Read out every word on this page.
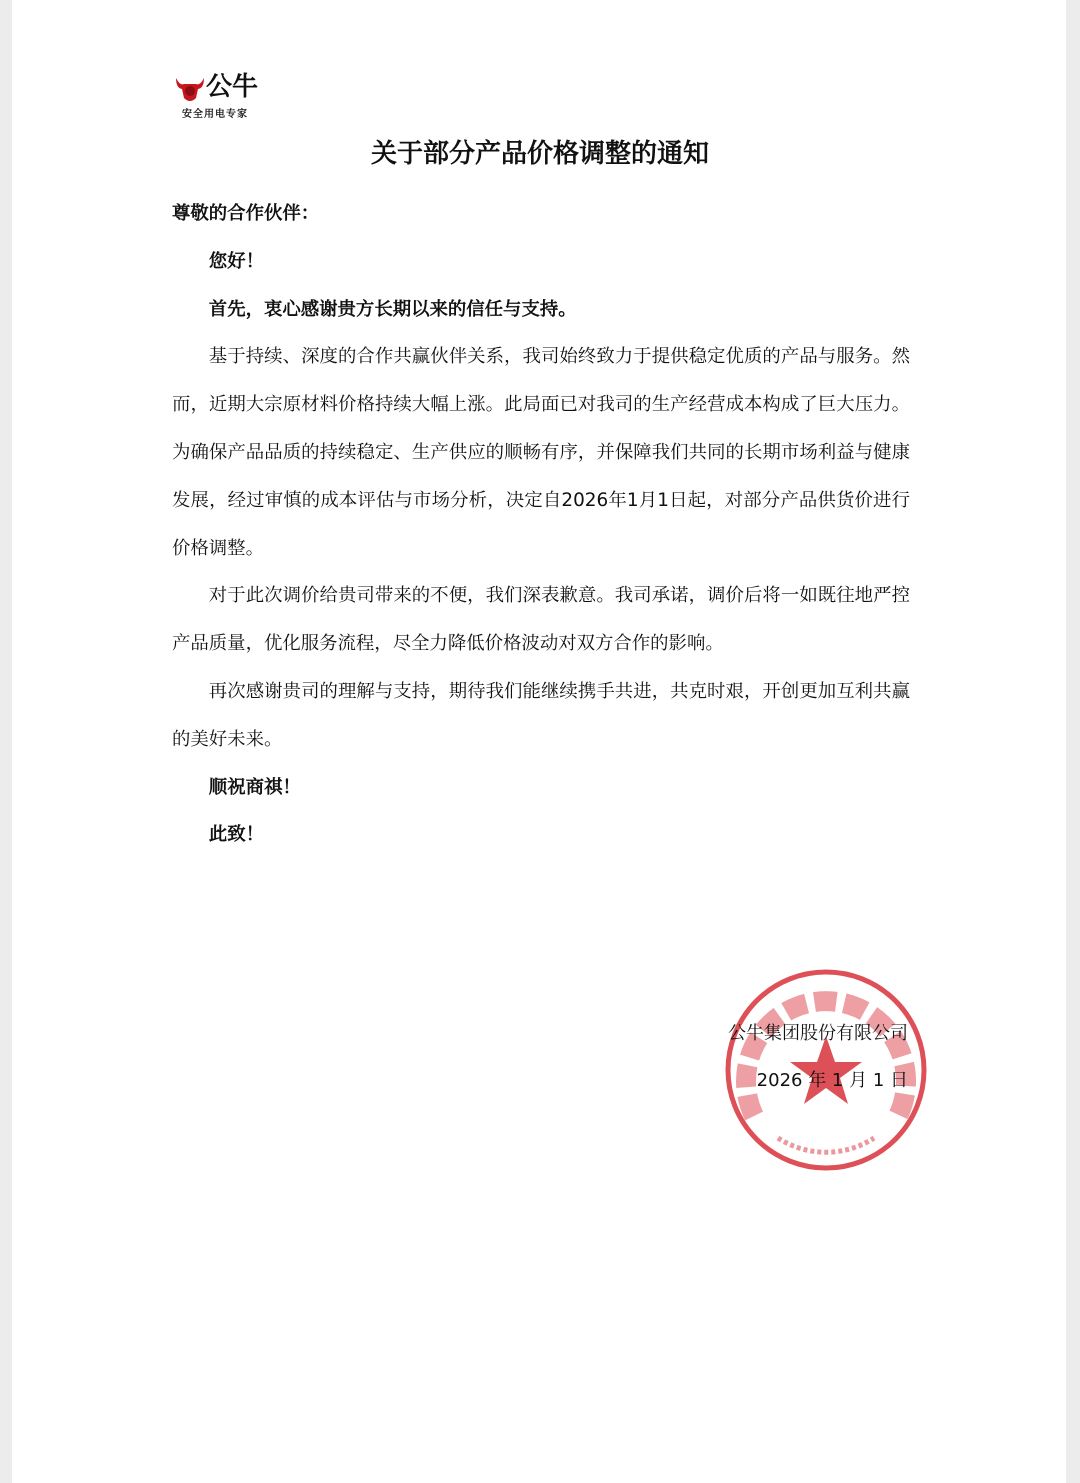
公牛
安全用电专家
关于部分产品价格调整的通知

尊敬的合作伙伴：

您好！

首先，衷心感谢贵方长期以来的信任与支持。

基于持续、深度的合作共赢伙伴关系，我司始终致力于提供稳定优质的产品与服务。然而，近期大宗原材料价格持续大幅上涨。此局面已对我司的生产经营成本构成了巨大压力。为确保产品品质的持续稳定、生产供应的顺畅有序，并保障我们共同的长期市场利益与健康发展，经过审慎的成本评估与市场分析，决定自2026年1月1日起，对部分产品供货价进行价格调整。

对于此次调价给贵司带来的不便，我们深表歉意。我司承诺，调价后将一如既往地严控产品质量，优化服务流程，尽全力降低价格波动对双方合作的影响。

再次感谢贵司的理解与支持，期待我们能继续携手共进，共克时艰，开创更加互利共赢的美好未来。

顺祝商祺！

此致！

公牛集团股份有限公司
2026 年 1 月 1 日
